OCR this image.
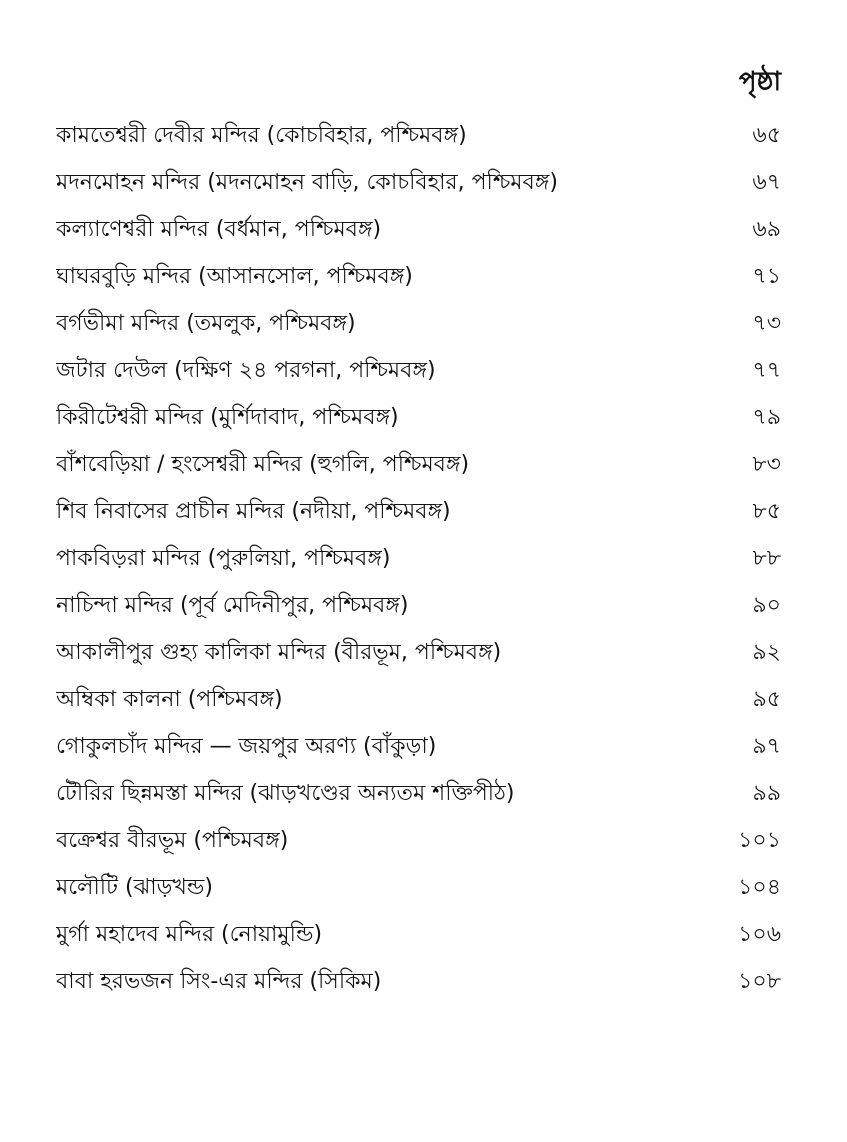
পৃষ্ঠা
কামতেশ্বরী দেবীর মন্দির (কোচবিহার, পশ্চিমবঙ্গ)	৬৫
মদনমোহন মন্দির (মদনমোহন বাড়ি, কোচবিহার, পশ্চিমবঙ্গ)	৬৭
কল্যাণেশ্বরী মন্দির (বর্ধমান, পশ্চিমবঙ্গ)	৬৯
ঘাঘরবুড়ি মন্দির (আসানসোল, পশ্চিমবঙ্গ)	৭১
বর্গভীমা মন্দির (তমলুক, পশ্চিমবঙ্গ)	৭৩
জটার দেউল (দক্ষিণ ২৪ পরগনা, পশ্চিমবঙ্গ)	৭৭
কিরীটেশ্বরী মন্দির (মুর্শিদাবাদ, পশ্চিমবঙ্গ)	৭৯
বাঁশবেড়িয়া / হংসেশ্বরী মন্দির (হুগলি, পশ্চিমবঙ্গ)	৮৩
শিব নিবাসের প্রাচীন মন্দির (নদীয়া, পশ্চিমবঙ্গ)	৮৫
পাকবিড়রা মন্দির (পুরুলিয়া, পশ্চিমবঙ্গ)	৮৮
নাচিন্দা মন্দির (পূর্ব মেদিনীপুর, পশ্চিমবঙ্গ)	৯০
আকালীপুর গুহ্য কালিকা মন্দির (বীরভূম, পশ্চিমবঙ্গ)	৯২
অম্বিকা কালনা (পশ্চিমবঙ্গ)	৯৫
গোকুলচাঁদ মন্দির — জয়পুর অরণ্য (বাঁকুড়া)	৯৭
টৌরির ছিন্নমস্তা মন্দির (ঝাড়খণ্ডের অন্যতম শক্তিপীঠ)	৯৯
বক্রেশ্বর বীরভূম (পশ্চিমবঙ্গ)	১০১
মলৌটি (ঝাড়খন্ড)	১০৪
মুর্গা মহাদেব মন্দির (নোয়ামুন্ডি)	১০৬
বাবা হরভজন সিং-এর মন্দির (সিকিম)	১০৮
